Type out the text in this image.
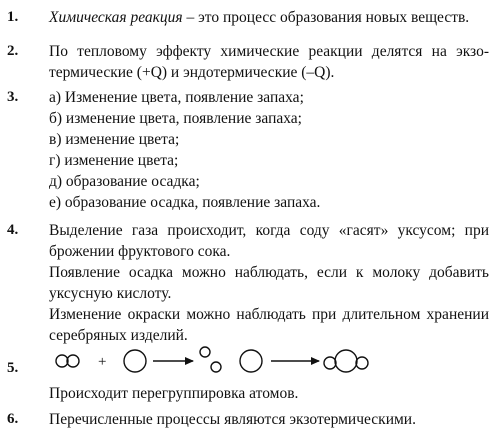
1. Химическая реакция – это процесс образования новых веществ.
2. По тепловому эффекту химические реакции делятся на экзо-
термические (+Q) и эндотермические (–Q).
3. а) Изменение цвета, появление запаха;
б) изменение цвета, появление запаха;
в) изменение цвета;
г) изменение цвета;
д) образование осадка;
е) образование осадка, появление запаха.
4. Выделение газа происходит, когда соду «гасят» уксусом; при
брожении фруктового сока.
Появление осадка можно наблюдать, если к молоку добавить
уксусную кислоту.
Изменение окраски можно наблюдать при длительном хранении
серебряных изделий.
+
5.
Происходит перегруппировка атомов.
6. Перечисленные процессы являются экзотермическими.
